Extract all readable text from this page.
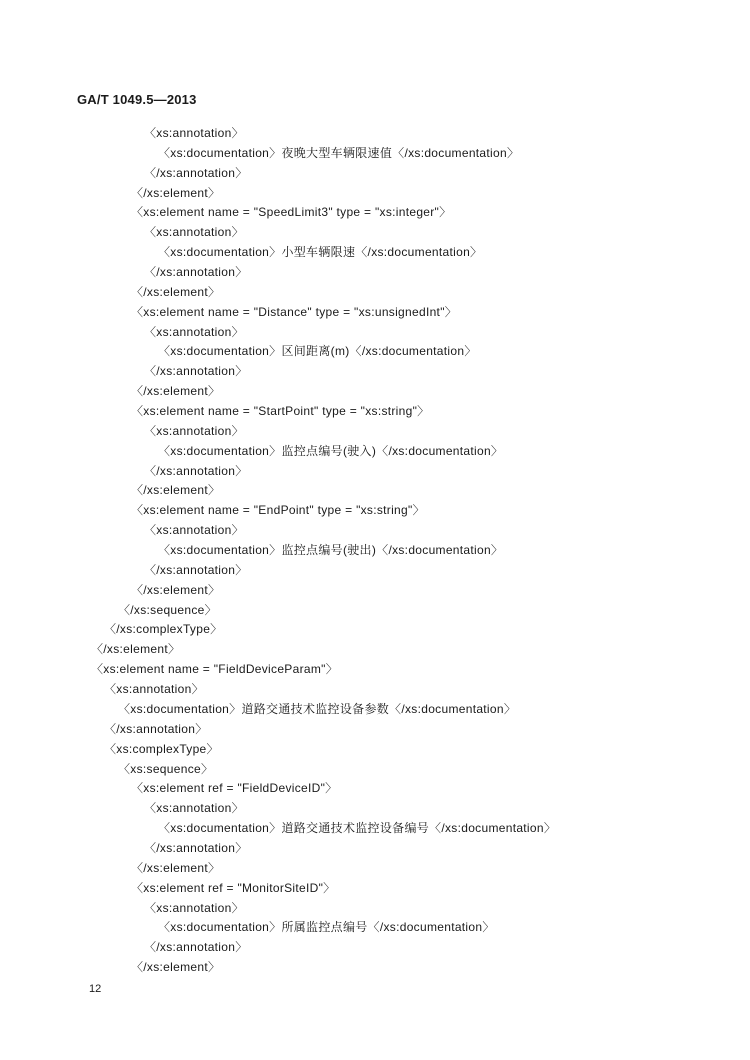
GA/T 1049.5—2013
〈xs:annotation〉
〈xs:documentation〉夜晚大型车辆限速值〈/xs:documentation〉
〈/xs:annotation〉
〈/xs:element〉
〈xs:element name = "SpeedLimit3" type = "xs:integer"〉
〈xs:annotation〉
〈xs:documentation〉小型车辆限速〈/xs:documentation〉
〈/xs:annotation〉
〈/xs:element〉
〈xs:element name = "Distance" type = "xs:unsignedInt"〉
〈xs:annotation〉
〈xs:documentation〉区间距离(m)〈/xs:documentation〉
〈/xs:annotation〉
〈/xs:element〉
〈xs:element name = "StartPoint" type = "xs:string"〉
〈xs:annotation〉
〈xs:documentation〉监控点编号(驶入)〈/xs:documentation〉
〈/xs:annotation〉
〈/xs:element〉
〈xs:element name = "EndPoint" type = "xs:string"〉
〈xs:annotation〉
〈xs:documentation〉监控点编号(驶出)〈/xs:documentation〉
〈/xs:annotation〉
〈/xs:element〉
〈/xs:sequence〉
〈/xs:complexType〉
〈/xs:element〉
〈xs:element name = "FieldDeviceParam"〉
〈xs:annotation〉
〈xs:documentation〉道路交通技术监控设备参数〈/xs:documentation〉
〈/xs:annotation〉
〈xs:complexType〉
〈xs:sequence〉
〈xs:element ref = "FieldDeviceID"〉
〈xs:annotation〉
〈xs:documentation〉道路交通技术监控设备编号〈/xs:documentation〉
〈/xs:annotation〉
〈/xs:element〉
〈xs:element ref = "MonitorSiteID"〉
〈xs:annotation〉
〈xs:documentation〉所属监控点编号〈/xs:documentation〉
〈/xs:annotation〉
〈/xs:element〉
12
